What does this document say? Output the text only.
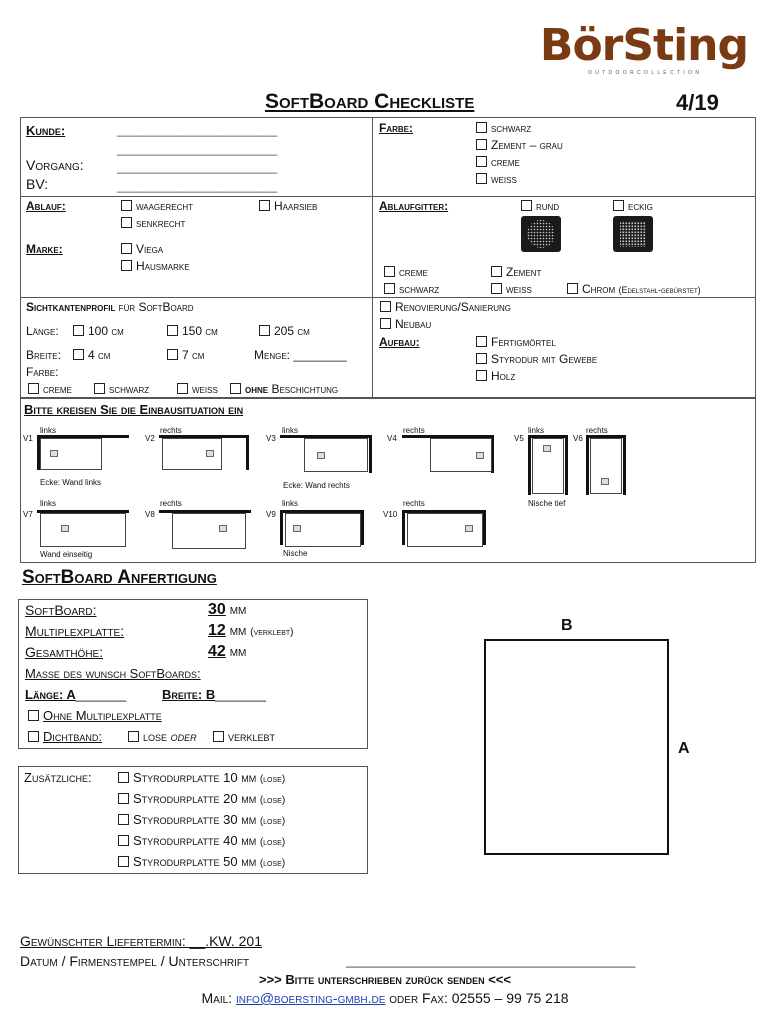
BörSting
O U T D O O R C O L L E C T I O N
SoftBoard Checkliste	4/19
Kunde:	________________________
________________________
Vorgang:	________________________
BV:	________________________
Farbe:	schwarz
Zement – grau
creme
weiß
Ablauf:	waagerecht
senkrecht
Haarsieb
Marke:	Viega
Hausmarke
Ablaufgitter:	rund	eckig
creme	Zement
schwarz	weiß	Chrom (Edelstahl-gebürstet)
Sichtkantenprofil für SoftBoard
Länge:	100 cm	150 cm	205 cm
Breite:	4 cm	7 cm	Menge: ________
Farbe:
creme	schwarz	weiß	ohne Beschichtung
Renovierung/Sanierung
Neubau
Aufbau:	Fertigmörtel
Styrodur mit Gewebe
Holz
Bitte kreisen Sie die Einbausituation ein
V1
links
Ecke: Wand links
V2
rechts
V3
links
Ecke: Wand rechts
V4
rechts
V5
links
Nische tief
V6
rechts
V7
links
Wand einseitig
V8
rechts
V9
links
Nische
V10
rechts
SoftBoard Anfertigung
SoftBoard:	30 mm
Multiplexplatte:	12 mm (verklebt)
Gesamthöhe:	42 mm
Maße des wunsch SoftBoards:
Länge: A_______	Breite: B_______
Ohne Multiplexplatte
Dichtband:	lose oder	verklebt
Zusätzliche:	Styrodurplatte 10 mm (lose)
Styrodurplatte 20 mm (lose)
Styrodurplatte 30 mm (lose)
Styrodurplatte 40 mm (lose)
Styrodurplatte 50 mm (lose)
B
A
Gewünschter Liefertermin: __.KW. 201
Datum / Firmenstempel / Unterschrift	________________________________________
>>> Bitte unterschrieben zurück senden <<<
Mail: info@boersting-gmbh.de oder Fax: 02555 – 99 75 218
